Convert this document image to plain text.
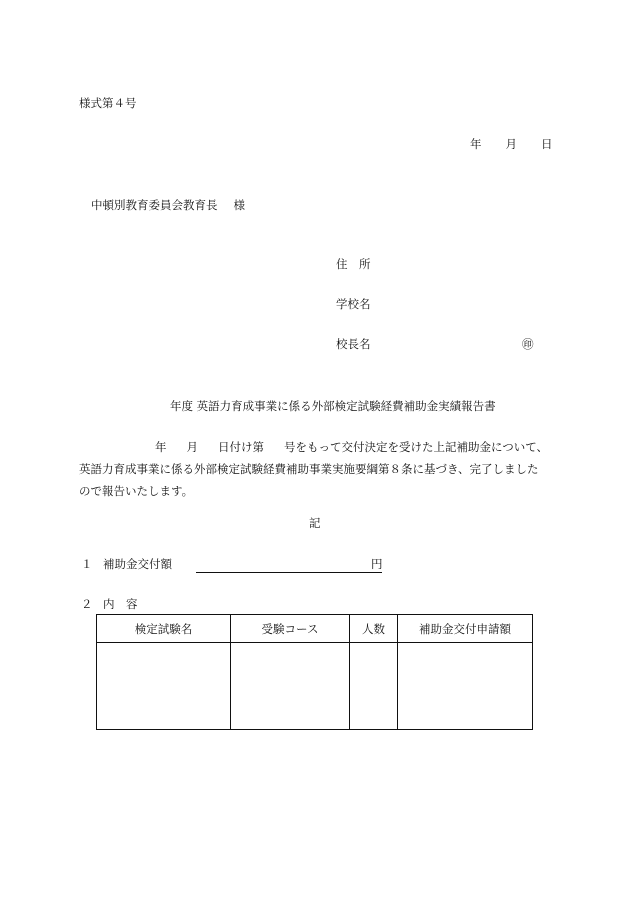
様式第４号
年 月 日
中頓別教育委員会教育長 様
住　所
学校名
校長名	㊞
年度 英語力育成事業に係る外部検定試験経費補助金実績報告書

年 月 日付け第 号をもって交付決定を受けた上記補助金について、

英語力育成事業に係る外部検定試験経費補助事業実施要綱第８条に基づき、完了しました

ので報告いたします。

記
１ 補助金交付額	円
２ 内　容
検定試験名	受験コース	人数	補助金交付申請額
